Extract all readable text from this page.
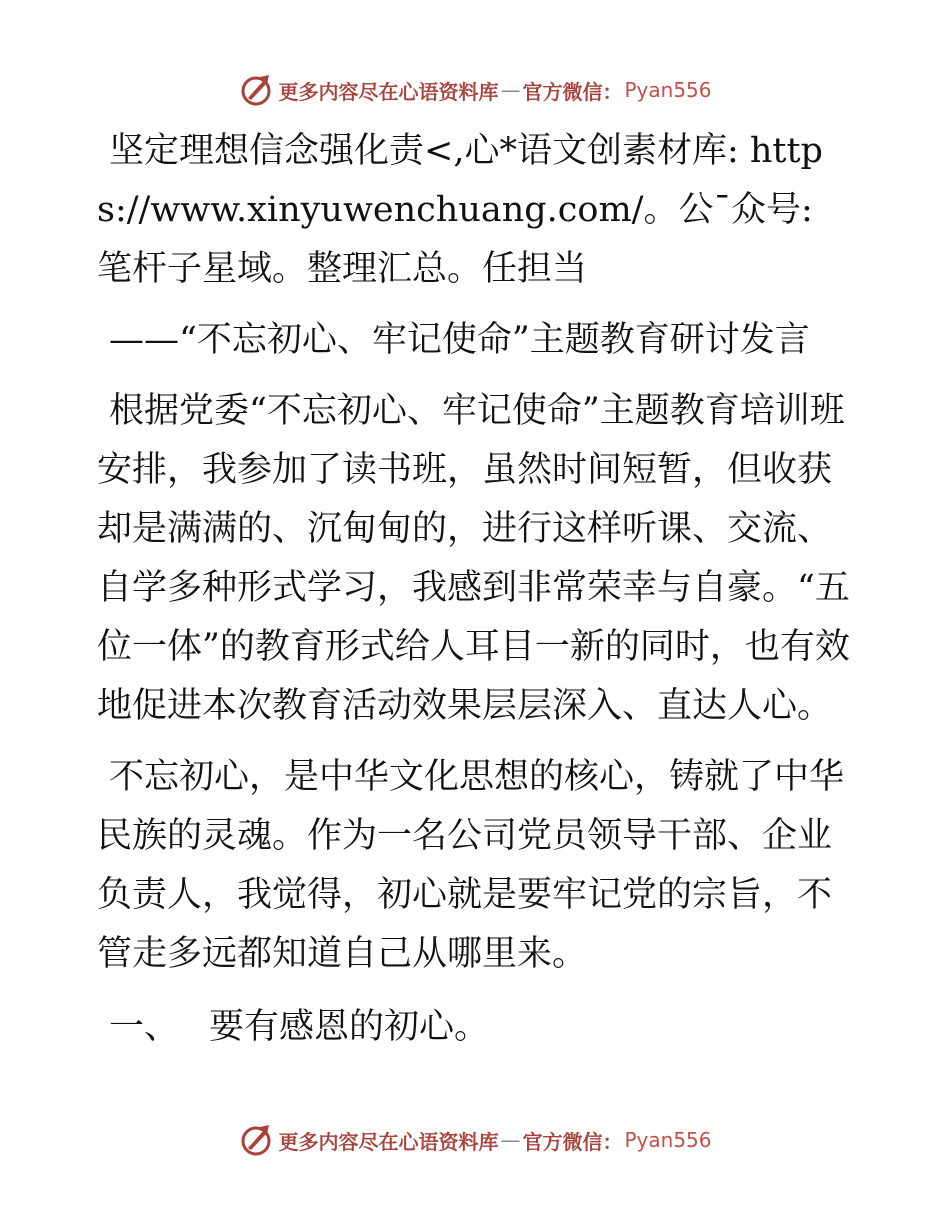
更多内容尽在心语资料库 — 官方微信： Pyan556

坚定理想信念强化责<,心*语文创素材库: https://www.xinyuwenchuang.com/。公¯众号: 笔杆子星域。整理汇总。任担当

——“不忘初心、牢记使命”主题教育研讨发言

根据党委“不忘初心、牢记使命”主题教育培训班安排，我参加了读书班，虽然时间短暂，但收获却是满满的、沉甸甸的，进行这样听课、交流、自学多种形式学习，我感到非常荣幸与自豪。“五位一体”的教育形式给人耳目一新的同时，也有效地促进本次教育活动效果层层深入、直达人心。

不忘初心，是中华文化思想的核心，铸就了中华民族的灵魂。作为一名公司党员领导干部、企业负责人，我觉得，初心就是要牢记党的宗旨，不管走多远都知道自己从哪里来。

一、 要有感恩的初心。
更多内容尽在心语资料库 — 官方微信： Pyan556
